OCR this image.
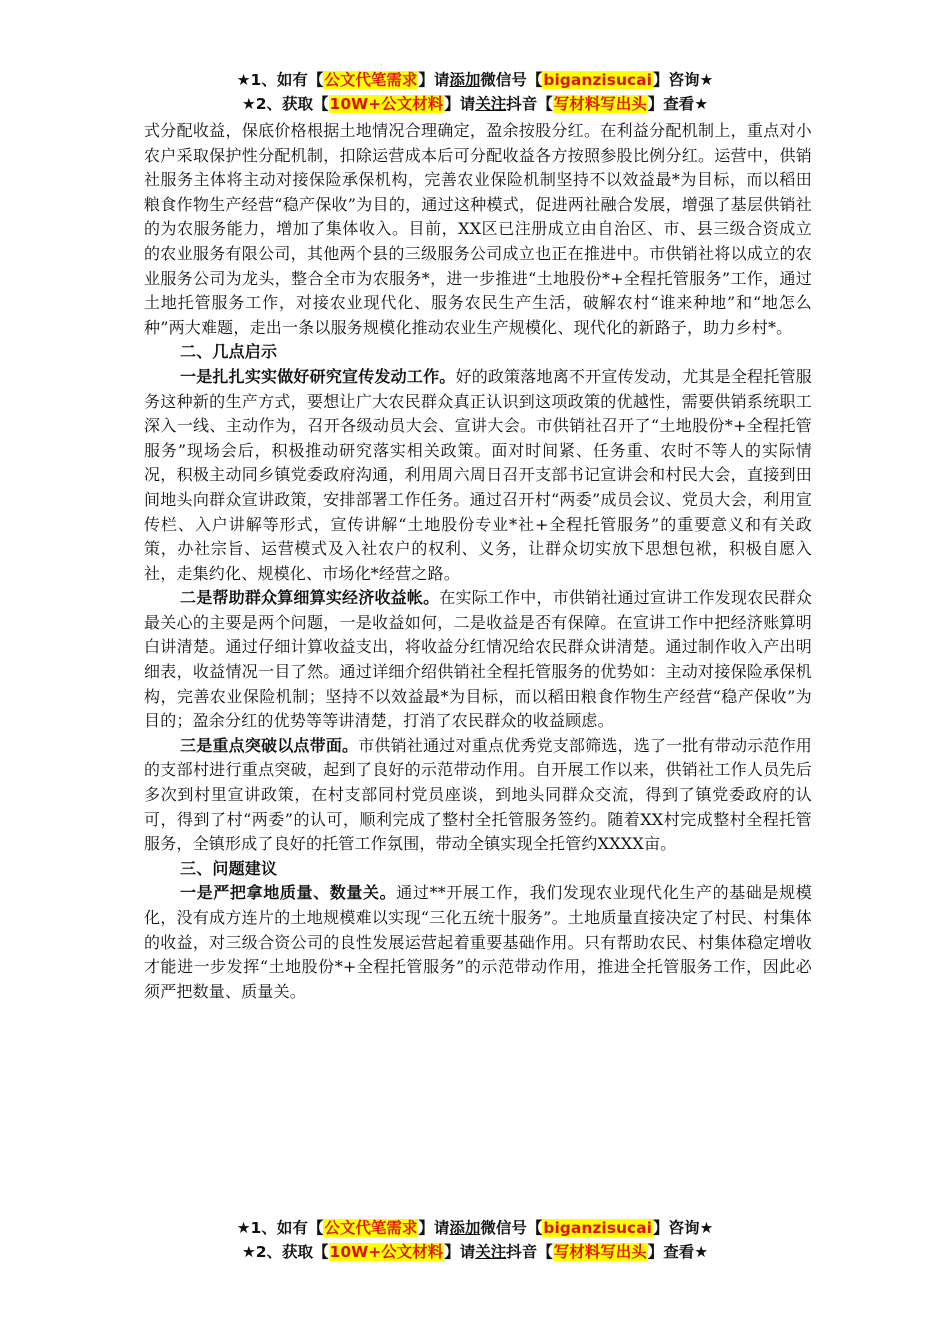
★1、如有【公文代笔需求】请添加微信号【biganzisucai】咨询★
★2、获取【10W+公文材料】请关注抖音【写材料写出头】查看★

式分配收益，保底价格根据土地情况合理确定，盈余按股分红。在利益分配机制上，重点对小农户采取保护性分配机制，扣除运营成本后可分配收益各方按照参股比例分红。运营中，供销社服务主体将主动对接保险承保机构，完善农业保险机制坚持不以效益最*为目标，而以稻田粮食作物生产经营“稳产保收”为目的，通过这种模式，促进两社融合发展，增强了基层供销社的为农服务能力，增加了集体收入。目前，XX区已注册成立由自治区、市、县三级合资成立的农业服务有限公司，其他两个县的三级服务公司成立也正在推进中。市供销社将以成立的农业服务公司为龙头，整合全市为农服务*，进一步推进“土地股份*+全程托管服务”工作，通过土地托管服务工作，对接农业现代化、服务农民生产生活，破解农村“谁来种地”和“地怎么种”两大难题，走出一条以服务规模化推动农业生产规模化、现代化的新路子，助力乡村*。

二、几点启示

一是扎扎实实做好研究宣传发动工作。好的政策落地离不开宣传发动，尤其是全程托管服务这种新的生产方式，要想让广大农民群众真正认识到这项政策的优越性，需要供销系统职工深入一线、主动作为，召开各级动员大会、宣讲大会。市供销社召开了“土地股份*+全程托管服务”现场会后，积极推动研究落实相关政策。面对时间紧、任务重、农时不等人的实际情况，积极主动同乡镇党委政府沟通，利用周六周日召开支部书记宣讲会和村民大会，直接到田间地头向群众宣讲政策，安排部署工作任务。通过召开村“两委”成员会议、党员大会，利用宣传栏、入户讲解等形式，宣传讲解“土地股份专业*社+全程托管服务”的重要意义和有关政策，办社宗旨、运营模式及入社农户的权利、义务，让群众切实放下思想包袱，积极自愿入社，走集约化、规模化、市场化*经营之路。

二是帮助群众算细算实经济收益帐。在实际工作中，市供销社通过宣讲工作发现农民群众最关心的主要是两个问题，一是收益如何，二是收益是否有保障。在宣讲工作中把经济账算明白讲清楚。通过仔细计算收益支出，将收益分红情况给农民群众讲清楚。通过制作收入产出明细表，收益情况一目了然。通过详细介绍供销社全程托管服务的优势如：主动对接保险承保机构，完善农业保险机制；坚持不以效益最*为目标，而以稻田粮食作物生产经营“稳产保收”为目的；盈余分红的优势等等讲清楚，打消了农民群众的收益顾虑。

三是重点突破以点带面。市供销社通过对重点优秀党支部筛选，选了一批有带动示范作用的支部村进行重点突破，起到了良好的示范带动作用。自开展工作以来，供销社工作人员先后多次到村里宣讲政策，在村支部同村党员座谈，到地头同群众交流，得到了镇党委政府的认可，得到了村“两委”的认可，顺利完成了整村全托管服务签约。随着XX村完成整村全程托管服务，全镇形成了良好的托管工作氛围，带动全镇实现全托管约XXXX亩。

三、问题建议

一是严把拿地质量、数量关。通过**开展工作，我们发现农业现代化生产的基础是规模化，没有成方连片的土地规模难以实现“三化五统十服务”。土地质量直接决定了村民、村集体的收益，对三级合资公司的良性发展运营起着重要基础作用。只有帮助农民、村集体稳定增收才能进一步发挥“土地股份*+全程托管服务”的示范带动作用，推进全托管服务工作，因此必须严把数量、质量关。

★1、如有【公文代笔需求】请添加微信号【biganzisucai】咨询★
★2、获取【10W+公文材料】请关注抖音【写材料写出头】查看★
